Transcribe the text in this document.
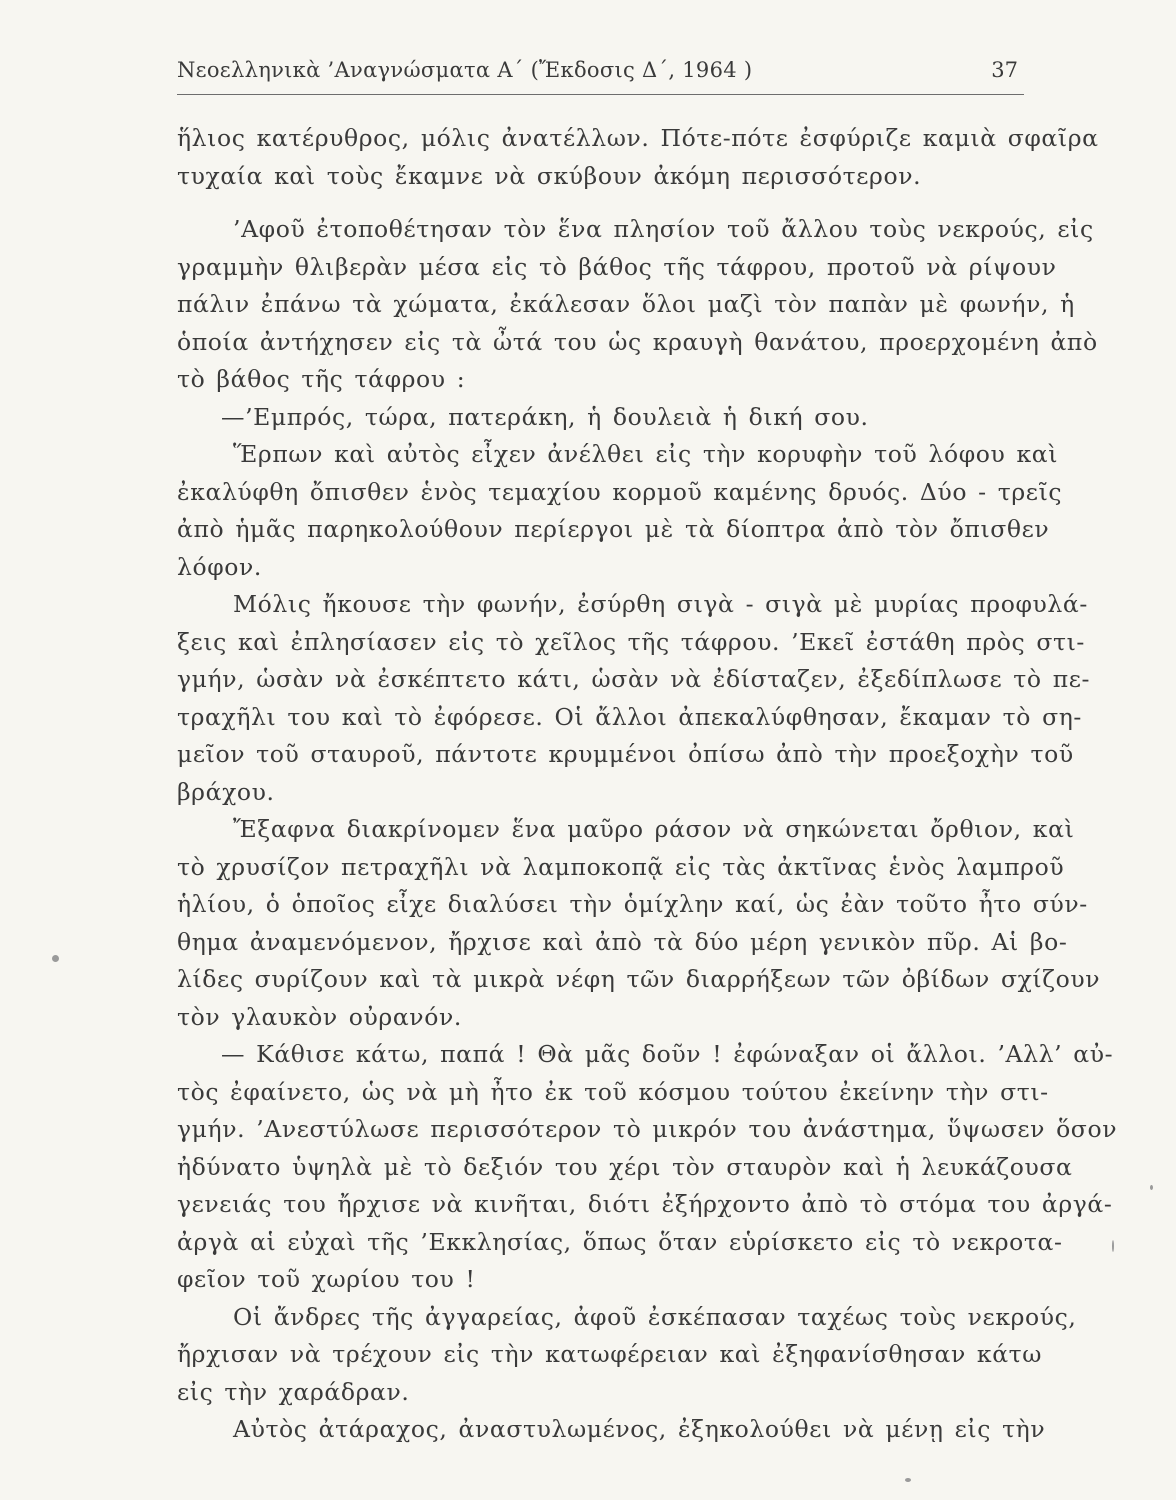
Νεοελληνικὰ ’Αναγνώσματα Α΄ (Ἔκδοσις Δ΄, 1964 )	37
ἥλιος κατέρυθρος, μόλις ἀνατέλλων. Πότε-πότε ἐσφύριζε καμιὰ σφαῖρα
τυχαία καὶ τοὺς ἔκαμνε νὰ σκύβουν ἀκόμη περισσότερον.
’Αφοῦ ἐτοποθέτησαν τὸν ἕνα πλησίον τοῦ ἄλλου τοὺς νεκρούς, εἰς
γραμμὴν θλιβερὰν μέσα εἰς τὸ βάθος τῆς τάφρου, προτοῦ νὰ ρίψουν
πάλιν ἐπάνω τὰ χώματα, ἐκάλεσαν ὅλοι μαζὶ τὸν παπὰν μὲ φωνήν, ἡ
ὁποία ἀντήχησεν εἰς τὰ ὦτά του ὡς κραυγὴ θανάτου, προερχομένη ἀπὸ
τὸ βάθος τῆς τάφρου :
—’Εμπρός, τώρα, πατεράκη, ἡ δουλειὰ ἡ δική σου.
Ἕρπων καὶ αὐτὸς εἶχεν ἀνέλθει εἰς τὴν κορυφὴν τοῦ λόφου καὶ
ἐκαλύφθη ὄπισθεν ἑνὸς τεμαχίου κορμοῦ καμένης δρυός. Δύο - τρεῖς
ἀπὸ ἡμᾶς παρηκολούθουν περίεργοι μὲ τὰ δίοπτρα ἀπὸ τὸν ὄπισθεν
λόφον.
Μόλις ἤκουσε τὴν φωνήν, ἐσύρθη σιγὰ - σιγὰ μὲ μυρίας προφυλά-
ξεις καὶ ἐπλησίασεν εἰς τὸ χεῖλος τῆς τάφρου. ’Εκεῖ ἐστάθη πρὸς στι-
γμήν, ὡσὰν νὰ ἐσκέπτετο κάτι, ὡσὰν νὰ ἐδίσταζεν, ἐξεδίπλωσε τὸ πε-
τραχῆλι του καὶ τὸ ἐφόρεσε. Οἱ ἄλλοι ἀπεκαλύφθησαν, ἔκαμαν τὸ ση-
μεῖον τοῦ σταυροῦ, πάντοτε κρυμμένοι ὀπίσω ἀπὸ τὴν προεξοχὴν τοῦ
βράχου.
Ἔξαφνα διακρίνομεν ἕνα μαῦρο ράσον νὰ σηκώνεται ὄρθιον, καὶ
τὸ χρυσίζον πετραχῆλι νὰ λαμποκοπᾷ εἰς τὰς ἀκτῖνας ἑνὸς λαμπροῦ
ἡλίου, ὁ ὁποῖος εἶχε διαλύσει τὴν ὁμίχλην καί, ὡς ἐὰν τοῦτο ἦτο σύν-
θημα ἀναμενόμενον, ἤρχισε καὶ ἀπὸ τὰ δύο μέρη γενικὸν πῦρ. Αἱ βο-
λίδες συρίζουν καὶ τὰ μικρὰ νέφη τῶν διαρρήξεων τῶν ὀβίδων σχίζουν
τὸν γλαυκὸν οὐρανόν.
— Κάθισε κάτω, παπά ! Θὰ μᾶς δοῦν ! ἐφώναξαν οἱ ἄλλοι. ’Αλλ’ αὐ-
τὸς ἐφαίνετο, ὡς νὰ μὴ ἦτο ἐκ τοῦ κόσμου τούτου ἐκείνην τὴν στι-
γμήν. ’Ανεστύλωσε περισσότερον τὸ μικρόν του ἀνάστημα, ὕψωσεν ὅσον
ἠδύνατο ὑψηλὰ μὲ τὸ δεξιόν του χέρι τὸν σταυρὸν καὶ ἡ λευκάζουσα
γενειάς του ἤρχισε νὰ κινῆται, διότι ἐξήρχοντο ἀπὸ τὸ στόμα του ἀργά-
ἀργὰ αἱ εὐχαὶ τῆς ’Εκκλησίας, ὅπως ὅταν εὑρίσκετο εἰς τὸ νεκροτα-
φεῖον τοῦ χωρίου του !
Οἱ ἄνδρες τῆς ἀγγαρείας, ἀφοῦ ἐσκέπασαν ταχέως τοὺς νεκρούς,
ἤρχισαν νὰ τρέχουν εἰς τὴν κατωφέρειαν καὶ ἐξηφανίσθησαν κάτω
εἰς τὴν χαράδραν.
Αὐτὸς ἀτάραχος, ἀναστυλωμένος, ἐξηκολούθει νὰ μένῃ εἰς τὴν
